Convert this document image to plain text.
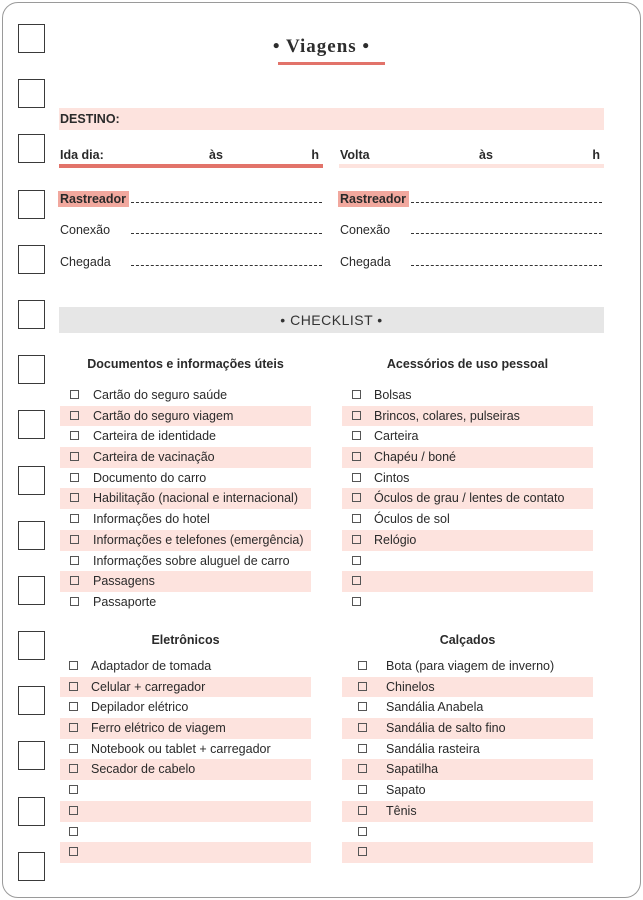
• Viagens •
DESTINO:
Ida dia:	às	h Volta	às	h
Rastreador
Conexão
Chegada
Rastreador
Conexão
Chegada
• CHECKLIST •
Documentos e informações úteis
Cartão do seguro saúde
Cartão do seguro viagem
Carteira de identidade
Carteira de vacinação
Documento do carro
Habilitação (nacional e internacional)
Informações do hotel
Informações e telefones (emergência)
Informações sobre aluguel de carro
Passagens
Passaporte
Acessórios de uso pessoal
Bolsas
Brincos, colares, pulseiras
Carteira
Chapéu / boné
Cintos
Óculos de grau / lentes de contato
Óculos de sol
Relógio
Eletrônicos
Adaptador de tomada
Celular + carregador
Depilador elétrico
Ferro elétrico de viagem
Notebook ou tablet + carregador
Secador de cabelo
Calçados
Bota (para viagem de inverno)
Chinelos
Sandália Anabela
Sandália de salto fino
Sandália rasteira
Sapatilha
Sapato
Tênis
